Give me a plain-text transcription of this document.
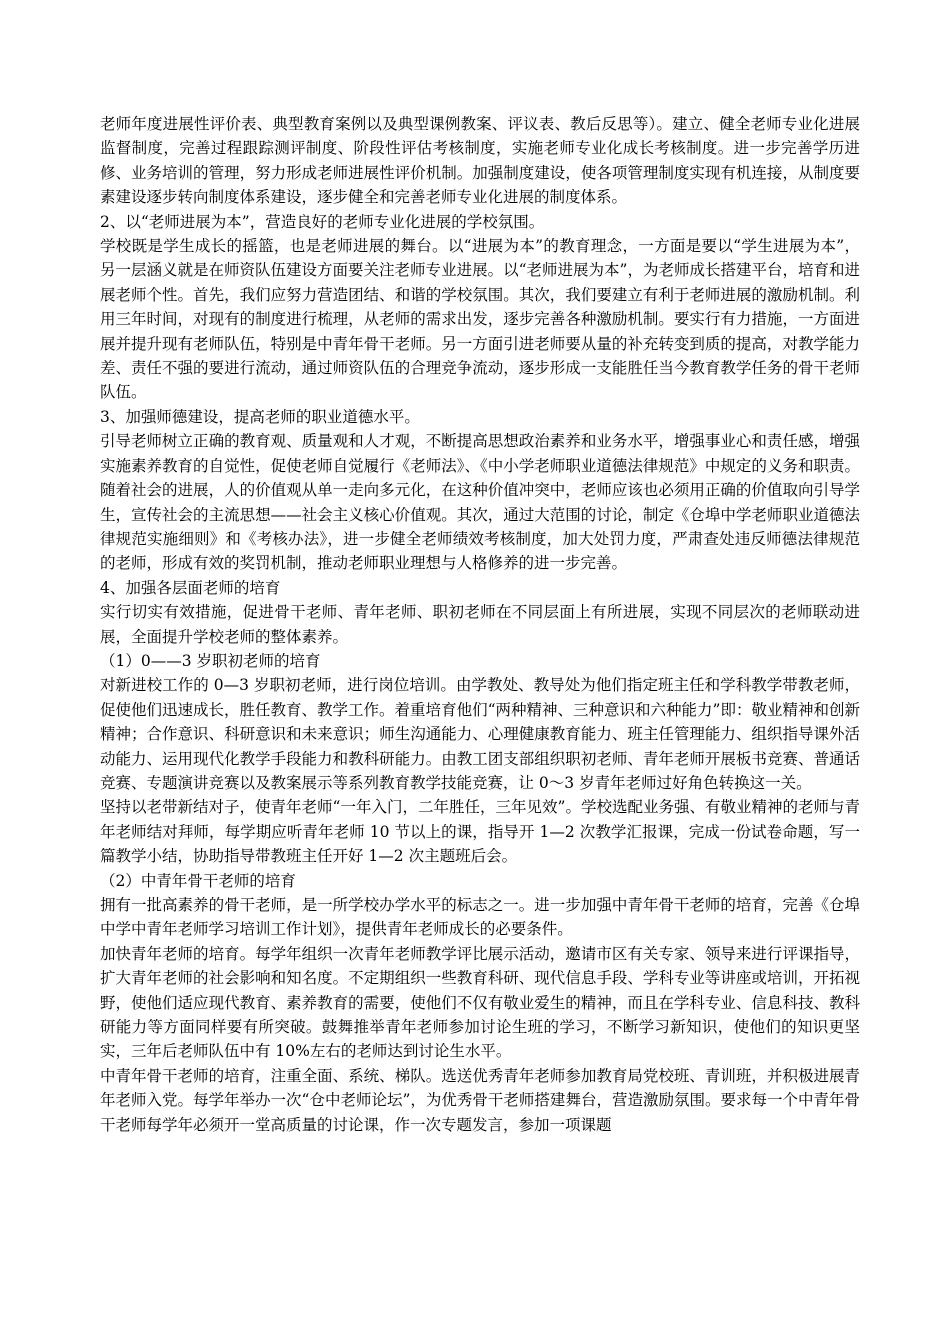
老师年度进展性评价表、典型教育案例以及典型课例教案、评议表、教后反思等）。建立、健全老师专业化进展监督制度，完善过程跟踪测评制度、阶段性评估考核制度，实施老师专业化成长考核制度。进一步完善学历进修、业务培训的管理，努力形成老师进展性评价机制。加强制度建设，使各项管理制度实现有机连接，从制度要素建设逐步转向制度体系建设，逐步健全和完善老师专业化进展的制度体系。

2、以“老师进展为本”，营造良好的老师专业化进展的学校氛围。

学校既是学生成长的摇篮，也是老师进展的舞台。以“进展为本”的教育理念，一方面是要以“学生进展为本”，另一层涵义就是在师资队伍建设方面要关注老师专业进展。以“老师进展为本”，为老师成长搭建平台，培育和进展老师个性。首先，我们应努力营造团结、和谐的学校氛围。其次，我们要建立有利于老师进展的激励机制。利用三年时间，对现有的制度进行梳理，从老师的需求出发，逐步完善各种激励机制。要实行有力措施，一方面进展并提升现有老师队伍，特别是中青年骨干老师。另一方面引进老师要从量的补充转变到质的提高，对教学能力差、责任不强的要进行流动，通过师资队伍的合理竞争流动，逐步形成一支能胜任当今教育教学任务的骨干老师队伍。

3、加强师德建设，提高老师的职业道德水平。

引导老师树立正确的教育观、质量观和人才观，不断提高思想政治素养和业务水平，增强事业心和责任感，增强实施素养教育的自觉性，促使老师自觉履行《老师法》、《中小学老师职业道德法律规范》中规定的义务和职责。随着社会的进展，人的价值观从单一走向多元化，在这种价值冲突中，老师应该也必须用正确的价值取向引导学生，宣传社会的主流思想——社会主义核心价值观。其次，通过大范围的讨论，制定《仓埠中学老师职业道德法律规范实施细则》和《考核办法》，进一步健全老师绩效考核制度，加大处罚力度，严肃查处违反师德法律规范的老师，形成有效的奖罚机制，推动老师职业理想与人格修养的进一步完善。

4、加强各层面老师的培育

实行切实有效措施，促进骨干老师、青年老师、职初老师在不同层面上有所进展，实现不同层次的老师联动进展，全面提升学校老师的整体素养。

（1）0——3 岁职初老师的培育

对新进校工作的 0—3 岁职初老师，进行岗位培训。由学教处、教导处为他们指定班主任和学科教学带教老师，促使他们迅速成长，胜任教育、教学工作。着重培育他们“两种精神、三种意识和六种能力”即：敬业精神和创新精神；合作意识、科研意识和未来意识；师生沟通能力、心理健康教育能力、班主任管理能力、组织指导课外活动能力、运用现代化教学手段能力和教科研能力。由教工团支部组织职初老师、青年老师开展板书竞赛、普通话竞赛、专题演讲竞赛以及教案展示等系列教育教学技能竞赛，让 0～3 岁青年老师过好角色转换这一关。

坚持以老带新结对子，使青年老师“一年入门，二年胜任，三年见效”。学校选配业务强、有敬业精神的老师与青年老师结对拜师，每学期应听青年老师 10 节以上的课，指导开 1—2 次教学汇报课，完成一份试卷命题，写一篇教学小结，协助指导带教班主任开好 1—2 次主题班后会。

（2）中青年骨干老师的培育

拥有一批高素养的骨干老师，是一所学校办学水平的标志之一。进一步加强中青年骨干老师的培育，完善《仓埠中学中青年老师学习培训工作计划》，提供青年老师成长的必要条件。

加快青年老师的培育。每学年组织一次青年老师教学评比展示活动，邀请市区有关专家、领导来进行评课指导，扩大青年老师的社会影响和知名度。不定期组织一些教育科研、现代信息手段、学科专业等讲座或培训，开拓视野，使他们适应现代教育、素养教育的需要，使他们不仅有敬业爱生的精神，而且在学科专业、信息科技、教科研能力等方面同样要有所突破。鼓舞推举青年老师参加讨论生班的学习，不断学习新知识，使他们的知识更坚实，三年后老师队伍中有 10%左右的老师达到讨论生水平。

中青年骨干老师的培育，注重全面、系统、梯队。选送优秀青年老师参加教育局党校班、青训班，并积极进展青年老师入党。每学年举办一次“仓中老师论坛”，为优秀骨干老师搭建舞台，营造激励氛围。要求每一个中青年骨干老师每学年必须开一堂高质量的讨论课，作一次专题发言，参加一项课题
